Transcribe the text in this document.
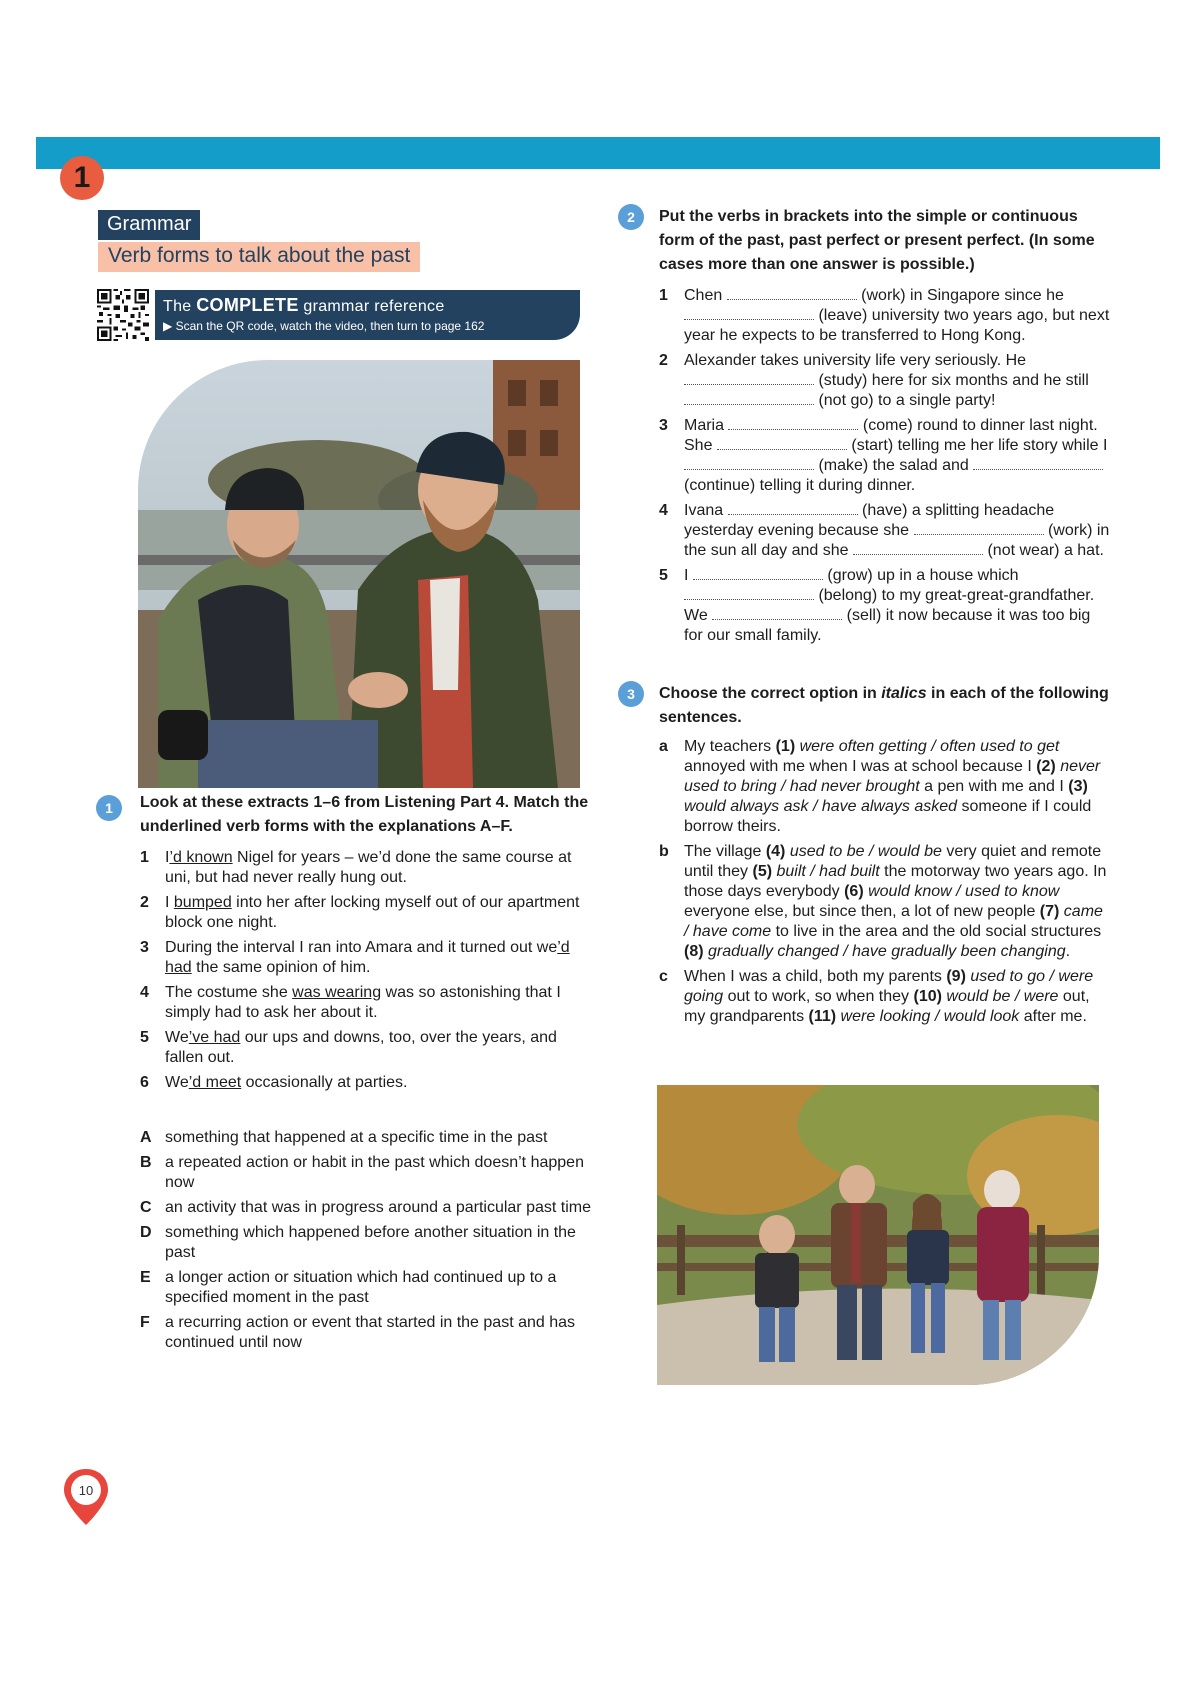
1
Grammar
Verb forms to talk about the past
The COMPLETE grammar reference
▶ Scan the QR code, watch the video, then turn to page 162
1	Look at these extracts 1–6 from Listening Part 4. Match the underlined verb forms with the explanations A–F.
1	I’d known Nigel for years – we’d done the same course at uni, but had never really hung out.
2	I bumped into her after locking myself out of our apartment block one night.
3	During the interval I ran into Amara and it turned out we’d had the same opinion of him.
4	The costume she was wearing was so astonishing that I simply had to ask her about it.
5	We’ve had our ups and downs, too, over the years, and fallen out.
6	We’d meet occasionally at parties.
A something that happened at a specific time in the past
B a repeated action or habit in the past which doesn’t happen now
C an activity that was in progress around a particular past time
D something which happened before another situation in the past
E a longer action or situation which had continued up to a specified moment in the past
F a recurring action or event that started in the past and has continued until now
2	Put the verbs in brackets into the simple or continuous form of the past, past perfect or present perfect. (In some cases more than one answer is possible.)
1	Chen	(work) in Singapore since he  (leave) university two years ago, but next year he expects to be transferred to Hong Kong.
2	Alexander takes university life very seriously. He  (study) here for six months and he still  (not go) to a single party!
3	Maria	(come) round to dinner last night. She	(start) telling me her life story while I  (make) the salad and  (continue) telling it during dinner.
4	Ivana	(have) a splitting headache yesterday evening because she	(work) in the sun all day and she	(not wear) a hat.
5	I	(grow) up in a house which  (belong) to my great-great-grandfather. We	(sell) it now because it was too big for our small family.
3	Choose the correct option in italics in each of the following sentences.
a	My teachers (1) were often getting / often used to get annoyed with me when I was at school because I (2) never used to bring / had never brought a pen with me and I (3) would always ask / have always asked someone if I could borrow theirs.
b The village (4) used to be / would be very quiet and remote until they (5) built / had built the motorway two years ago. In those days everybody (6) would know / used to know everyone else, but since then, a lot of new people (7) came / have come to live in the area and the old social structures (8) gradually changed / have gradually been changing.
c	When I was a child, both my parents (9) used to go / were going out to work, so when they (10) would be / were out, my grandparents (11) were looking / would look after me.
10
